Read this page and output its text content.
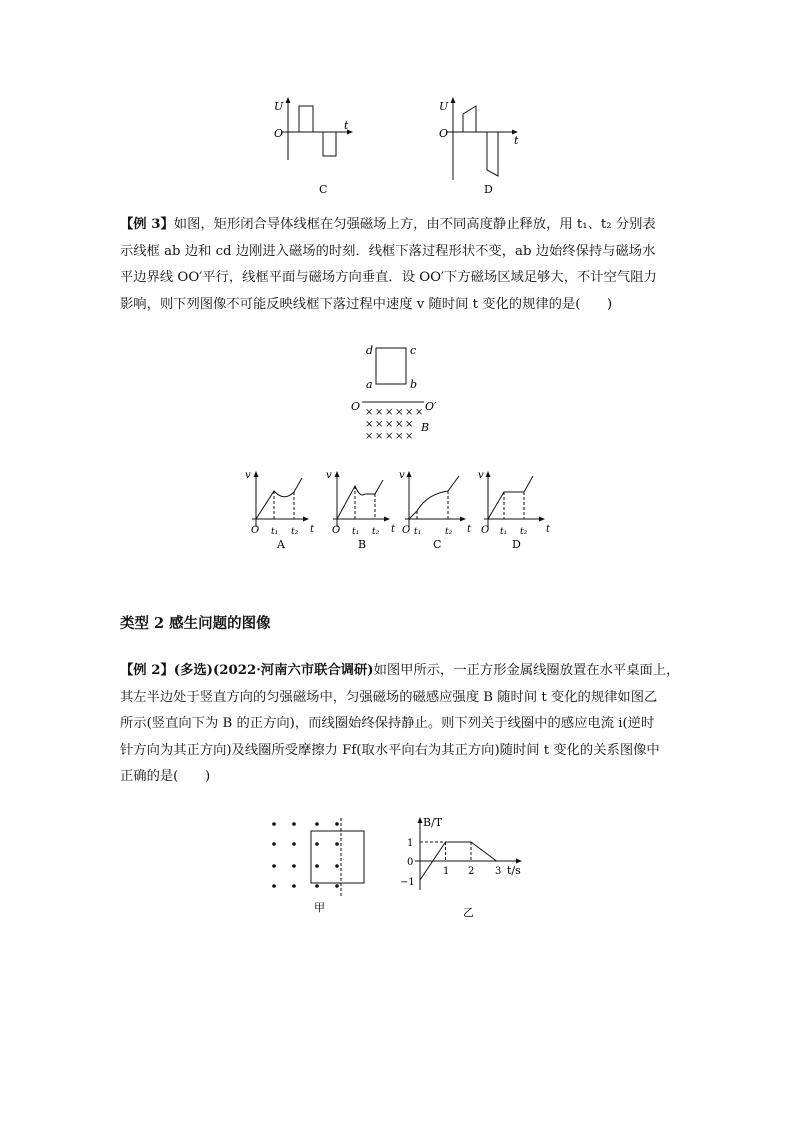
U
t
O
C
U
t
O
D
【例 3】如图，矩形闭合导体线框在匀强磁场上方，由不同高度静止释放，用 t₁、t₂ 分别表
示线框 ab 边和 cd 边刚进入磁场的时刻．线框下落过程形状不变，ab 边始终保持与磁场水
平边界线 OO′平行，线框平面与磁场方向垂直．设 OO′下方磁场区域足够大，不计空气阻力
影响，则下列图像不可能反映线框下落过程中速度 v 随时间 t 变化的规律的是(　　)
d	c
a	b
O	O′
× × × × × ×
× × × × ×
× × × × ×
B
v
t
O t₁ t₂
A
v
t
O t₁ t₂
B
v
t
O t₁	t₂
C
v
t
O t₁ t₂
D
类型 2 感生问题的图像
【例 2】(多选)(2022·河南六市联合调研)如图甲所示，一正方形金属线圈放置在水平桌面上，
其左半边处于竖直方向的匀强磁场中，匀强磁场的磁感应强度 B 随时间 t 变化的规律如图乙
所示(竖直向下为 B 的正方向)，而线圈始终保持静止。则下列关于线圈中的感应电流 i(逆时
针方向为其正方向)及线圈所受摩擦力 Ff(取水平向右为其正方向)随时间 t 变化的关系图像中
正确的是(　　)
甲
B/T
t/s
1
0
−1
1 2 3
乙
